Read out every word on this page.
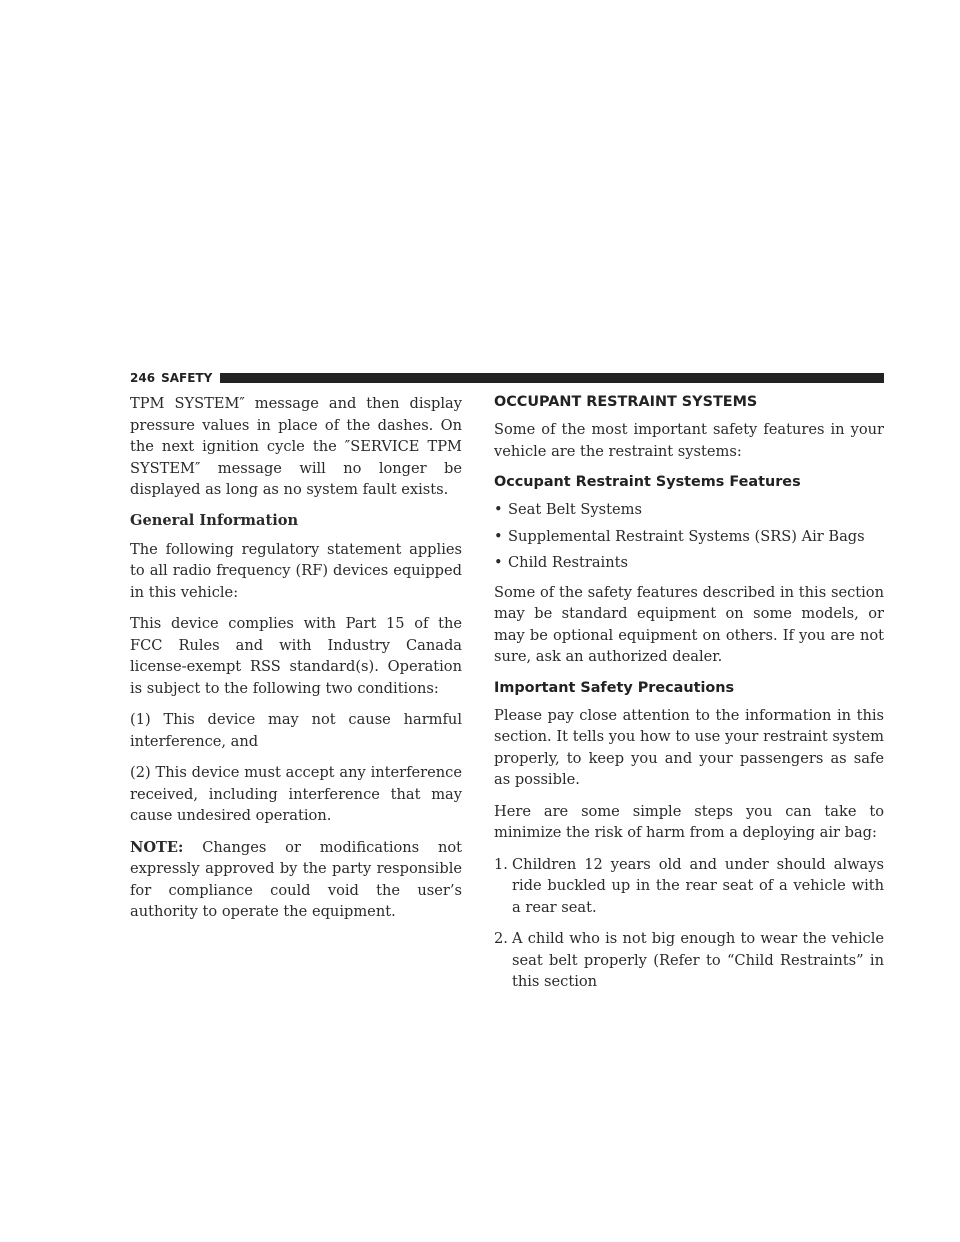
246 SAFETY

TPM SYSTEM″ message and then display pressure values in place of the dashes. On the next ignition cycle the ″SERVICE TPM SYSTEM″ message will no longer be displayed as long as no system fault exists.

General Information

The following regulatory statement applies to all radio frequency (RF) devices equipped in this vehicle:

This device complies with Part 15 of the FCC Rules and with Industry Canada license-exempt RSS standard(s). Operation is subject to the following two conditions:

(1) This device may not cause harmful interference, and

(2) This device must accept any interference received, including interference that may cause undesired operation.

NOTE: Changes or modifications not expressly approved by the party responsible for compliance could void the user’s authority to operate the equipment.

OCCUPANT RESTRAINT SYSTEMS

Some of the most important safety features in your vehicle are the restraint systems:

Occupant Restraint Systems Features
• Seat Belt Systems
• Supplemental Restraint Systems (SRS) Air Bags
• Child Restraints

Some of the safety features described in this section may be standard equipment on some models, or may be optional equipment on others. If you are not sure, ask an authorized dealer.

Important Safety Precautions

Please pay close attention to the information in this section. It tells you how to use your restraint system properly, to keep you and your passengers as safe as possible.

Here are some simple steps you can take to minimize the risk of harm from a deploying air bag:

1. Children 12 years old and under should always ride buckled up in the rear seat of a vehicle with a rear seat.
2. A child who is not big enough to wear the vehicle seat belt properly (Refer to “Child Restraints” in this section
